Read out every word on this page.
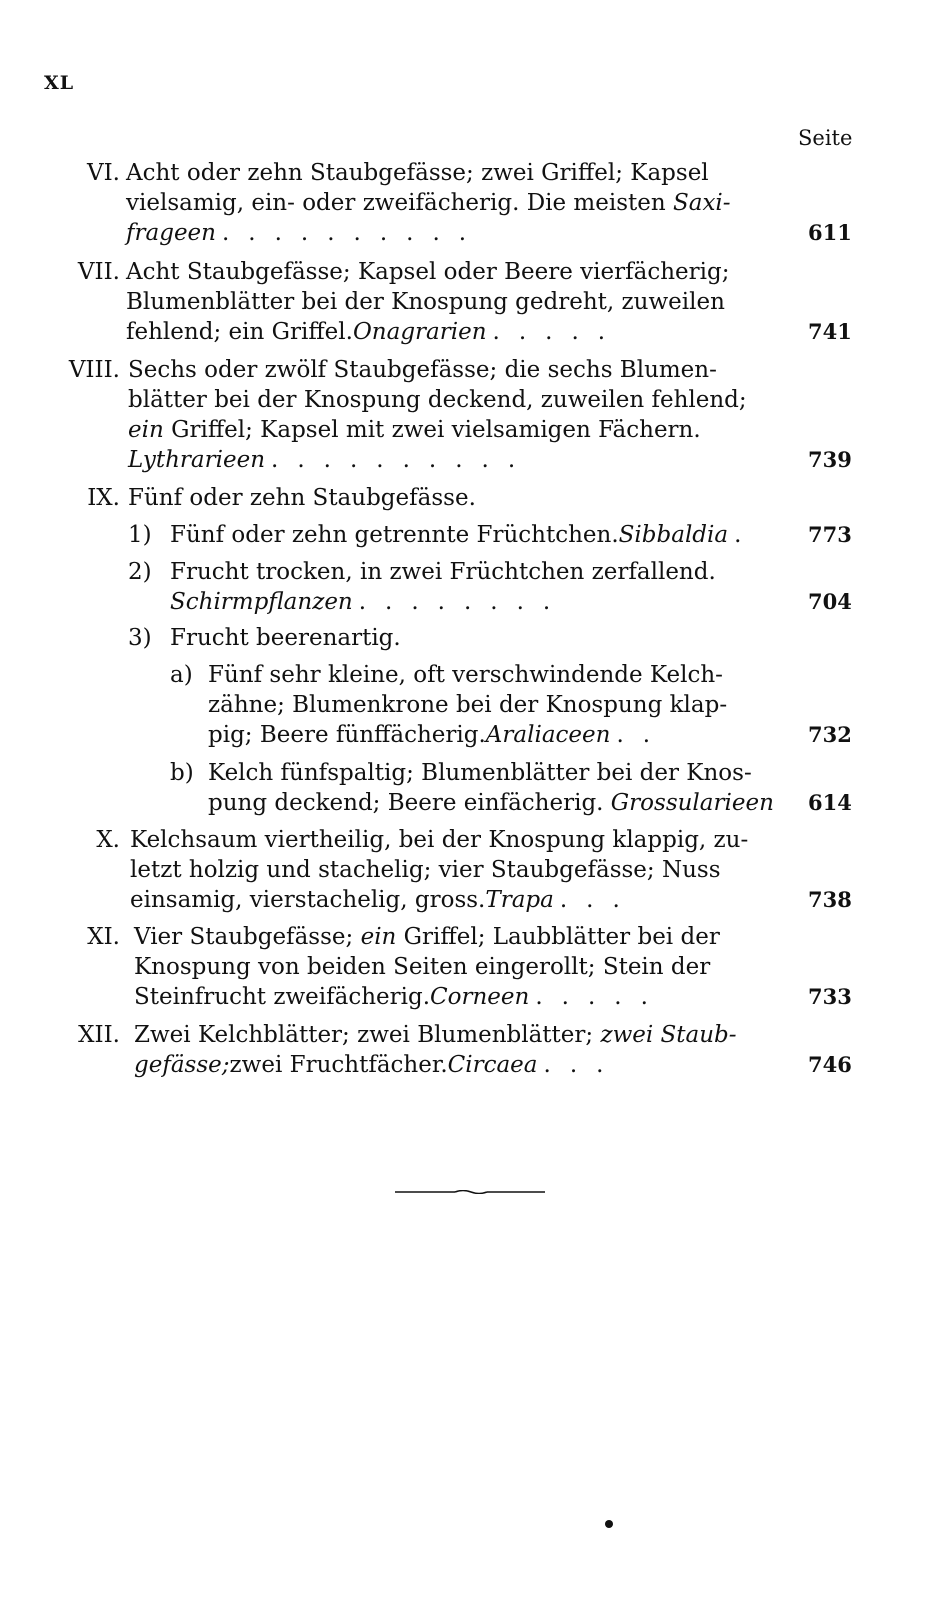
XL
Seite
VI. Acht oder zehn Staubgefässe; zwei Griffel; Kapsel
vielsamig, ein- oder zweifächerig. Die meisten Saxi-
frageen ..........	611
VII. Acht Staubgefässe; Kapsel oder Beere vierfächerig;
Blumenblätter bei der Knospung gedreht, zuweilen
fehlend; ein Griffel. Onagrarien .....	741
VIII. Sechs oder zwölf Staubgefässe; die sechs Blumen-
blätter bei der Knospung deckend, zuweilen fehlend;
ein Griffel; Kapsel mit zwei vielsamigen Fächern.
Lythrarieen ..........	739
IX. Fünf oder zehn Staubgefässe.
1) Fünf oder zehn getrennte Früchtchen. Sibbaldia .	773
2) Frucht trocken, in zwei Früchtchen zerfallend.
Schirmpflanzen ........	704
3) Frucht beerenartig.
a) Fünf sehr kleine, oft verschwindende Kelch-
zähne; Blumenkrone bei der Knospung klap-
pig; Beere fünffächerig. Araliaceen ..	732
b) Kelch fünfspaltig; Blumenblätter bei der Knos-
pung deckend; Beere einfächerig. Grossularieen 614
X. Kelchsaum viertheilig, bei der Knospung klappig, zu-
letzt holzig und stachelig; vier Staubgefässe; Nuss
einsamig, vierstachelig, gross. Trapa ...	738
XI. Vier Staubgefässe; ein Griffel; Laubblätter bei der
Knospung von beiden Seiten eingerollt; Stein der
Steinfrucht zweifächerig. Corneen .....	733
XII. Zwei Kelchblätter; zwei Blumenblätter; zwei Staub-
gefässe; zwei Fruchtfächer. Circaea ...	746
